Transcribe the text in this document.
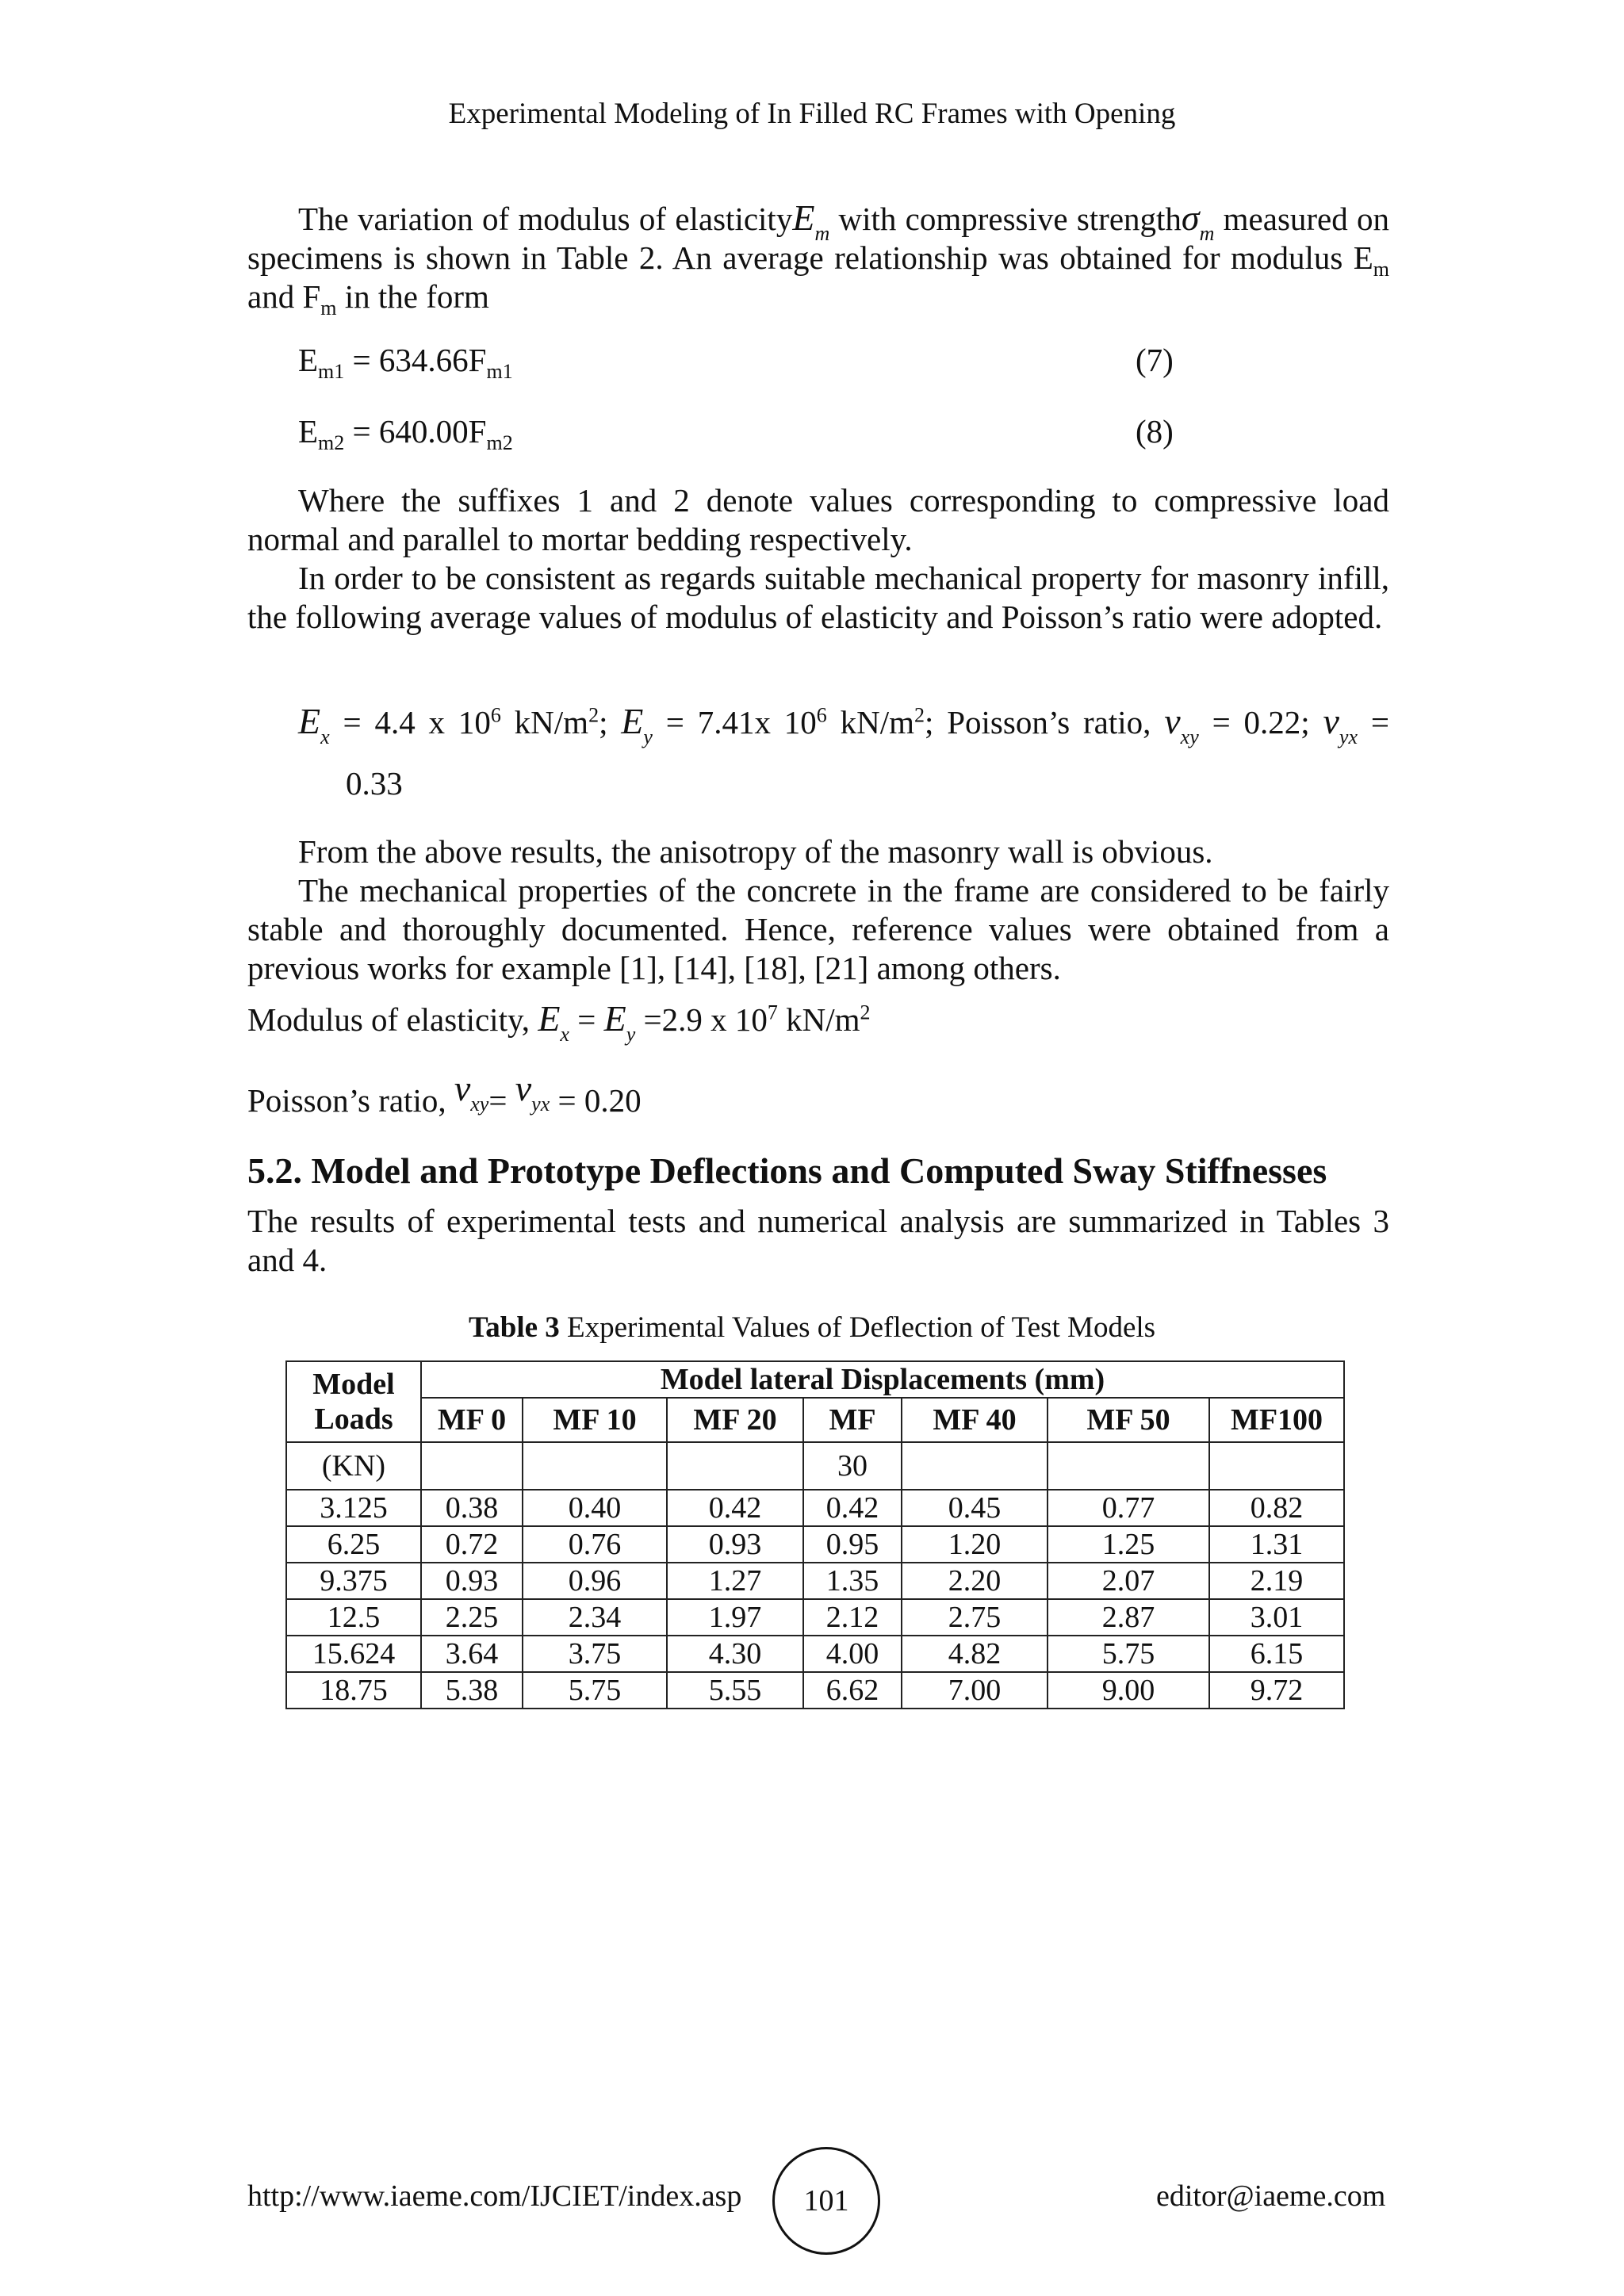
Experimental Modeling of In Filled RC Frames with Opening

The variation of modulus of elasticityE$_m$ with compressive strengthσ$_m$ measured on specimens is shown in Table 2. An average relationship was obtained for modulus $E_m$ and $F_m$ in the form

$E_{m1} = 634.66F_{m1}$	(7)
$E_{m2} = 640.00F_{m2}$	(8)

Where the suffixes 1 and 2 denote values corresponding to compressive load normal and parallel to mortar bedding respectively.

In order to be consistent as regards suitable mechanical property for masonry infill, the following average values of modulus of elasticity and Poisson’s ratio were adopted.

$E_x = 4.4$ x $10^6$ $kN/m^2$; $E_y = 7.41x$ $10^6$ $kN/m^2$; Poisson’s ratio, $\nu_{xy} = 0.22$; $\nu_{yx}$ =
0.33

From the above results, the anisotropy of the masonry wall is obvious.

The mechanical properties of the concrete in the frame are considered to be fairly stable and thoroughly documented. Hence, reference values were obtained from a previous works for example [1], [14], [18], [21] among others.

Modulus of elasticity, $E_x = E_y =2.9$ x $10^7$ $kN/m^2$
Poisson’s ratio, $\nu_{xy}= \nu_{yx} = 0.20$
5.2. Model and Prototype Deflections and Computed Sway Stiffnesses

The results of experimental tests and numerical analysis are summarized in Tables 3 and 4.

Table 3 Experimental Values of Deflection of Test Models
Model
Loads	Model lateral Displacements (mm)						
	MF 0	MF 10	MF 20	MF	MF 40	MF 50	MF100
(KN)				30			
3.125	0.38	0.40	0.42	0.42	0.45	0.77	0.82
6.25	0.72	0.76	0.93	0.95	1.20	1.25	1.31
9.375	0.93	0.96	1.27	1.35	2.20	2.07	2.19
12.5	2.25	2.34	1.97	2.12	2.75	2.87	3.01
15.624	3.64	3.75	4.30	4.00	4.82	5.75	6.15
18.75	5.38	5.75	5.55	6.62	7.00	9.00	9.72
http://www.iaeme.com/IJCIET/index.asp	101	editor@iaeme.com
